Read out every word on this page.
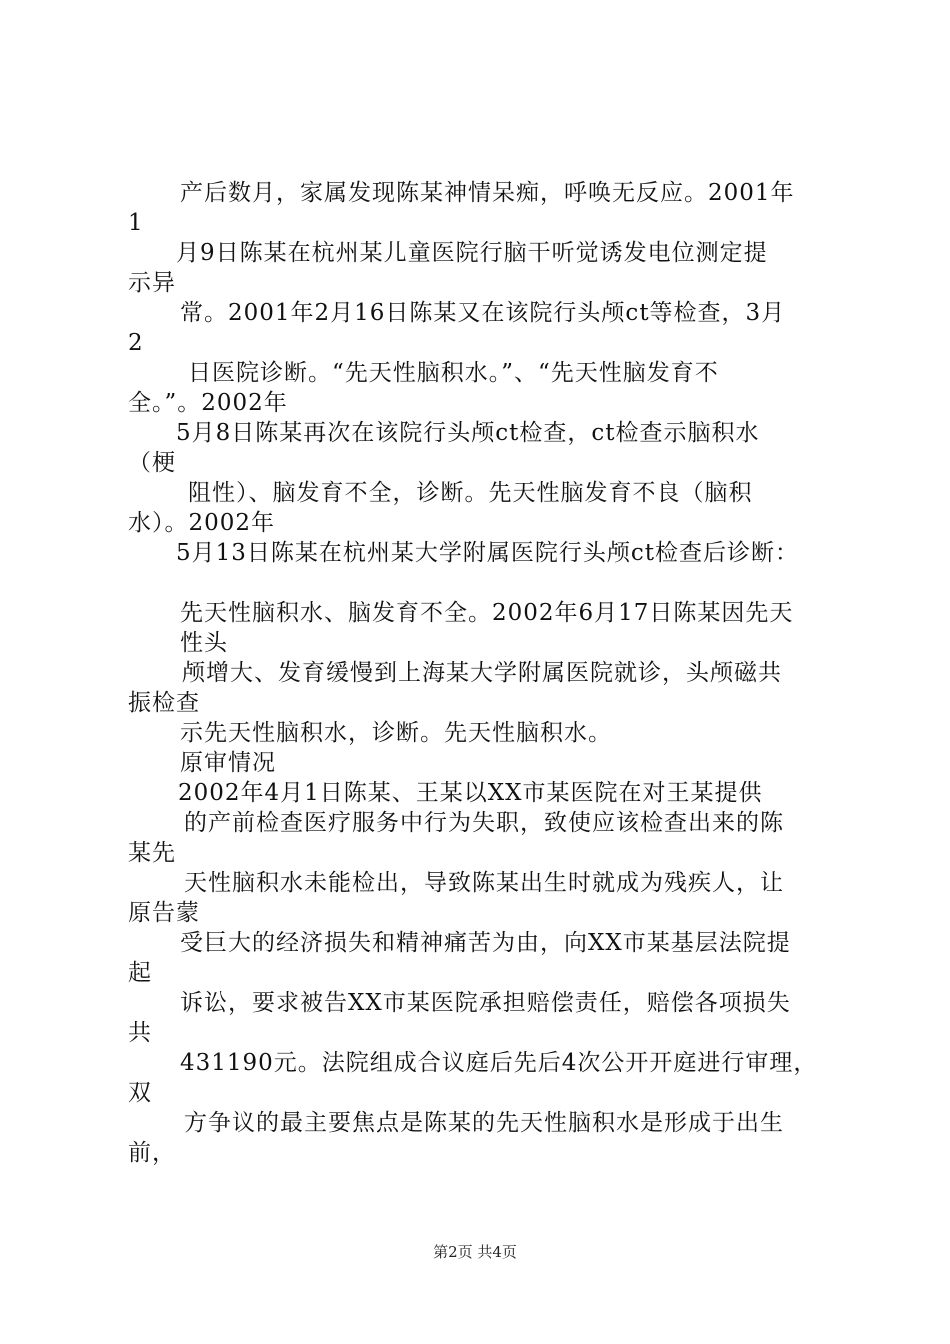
产后数月，家属发现陈某神情呆痴，呼唤无反应。2001年
1
月9日陈某在杭州某儿童医院行脑干听觉诱发电位测定提
示异
常。2001年2月16日陈某又在该院行头颅ct等检查，3月
2
日医院诊断。“先天性脑积水。”、“先天性脑发育不
全。”。2002年
5月8日陈某再次在该院行头颅ct检查，ct检查示脑积水
（梗
阻性）、脑发育不全，诊断。先天性脑发育不良（脑积
水）。2002年
5月13日陈某在杭州某大学附属医院行头颅ct检查后诊断：
先天性脑积水、脑发育不全。2002年6月17日陈某因先天
性头
颅增大、发育缓慢到上海某大学附属医院就诊，头颅磁共
振检查
示先天性脑积水，诊断。先天性脑积水。
原审情况
2002年4月1日陈某、王某以XX市某医院在对王某提供
的产前检查医疗服务中行为失职，致使应该检查出来的陈
某先
天性脑积水未能检出，导致陈某出生时就成为残疾人，让
原告蒙
受巨大的经济损失和精神痛苦为由，向XX市某基层法院提
起
诉讼，要求被告XX市某医院承担赔偿责任，赔偿各项损失
共
431190元。法院组成合议庭后先后4次公开开庭进行审理，
双
方争议的最主要焦点是陈某的先天性脑积水是形成于出生
前，
第2页 共4页
